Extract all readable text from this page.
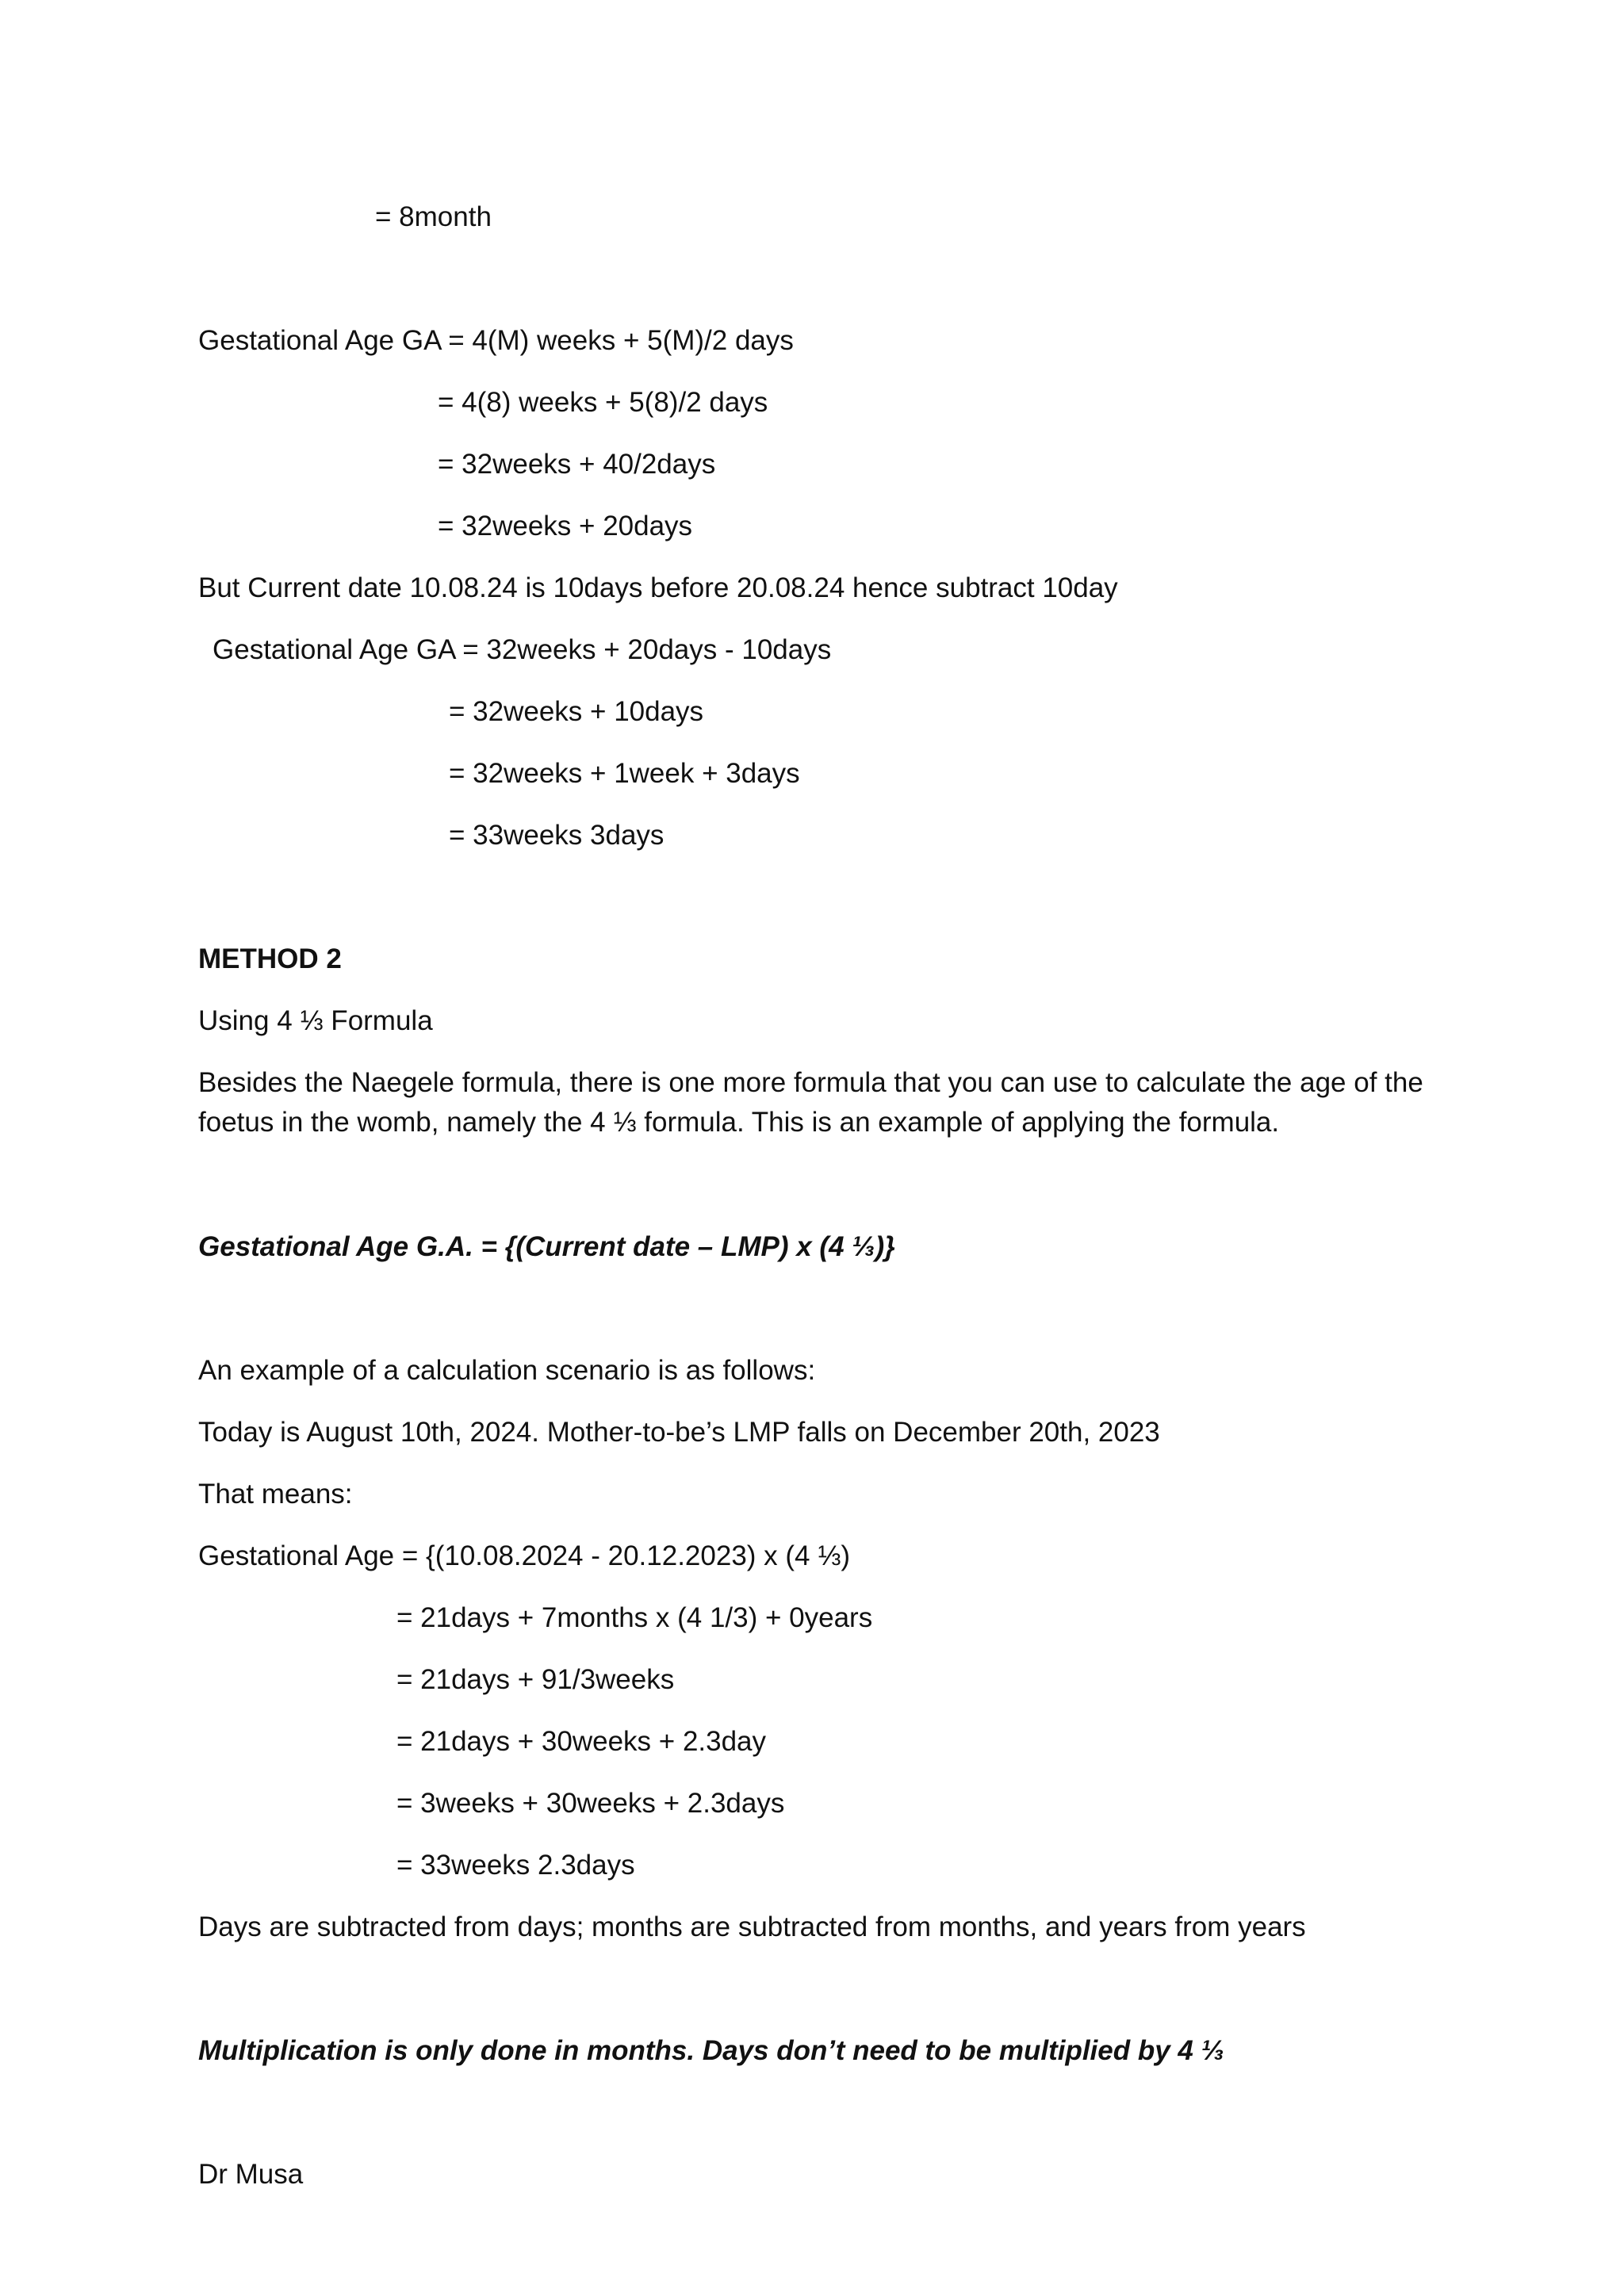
= 8month
Gestational Age GA = 4(M) weeks + 5(M)/2 days
= 4(8) weeks + 5(8)/2 days
= 32weeks + 40/2days
= 32weeks + 20days
But Current date 10.08.24 is 10days before 20.08.24 hence subtract 10day
Gestational Age GA = 32weeks + 20days - 10days
= 32weeks + 10days
= 32weeks + 1week + 3days
= 33weeks 3days
METHOD 2
Using 4 ⅓ Formula
Besides the Naegele formula, there is one more formula that you can use to calculate the age of the foetus in the womb, namely the 4 ⅓ formula. This is an example of applying the formula.
Gestational Age G.A. = {(Current date – LMP) x (4 ⅓)}
An example of a calculation scenario is as follows:
Today is August 10th, 2024. Mother-to-be’s LMP falls on December 20th, 2023
That means:
Gestational Age = {(10.08.2024 - 20.12.2023) x (4 ⅓)
= 21days + 7months x (4 1/3) + 0years
= 21days + 91/3weeks
= 21days + 30weeks + 2.3day
= 3weeks + 30weeks + 2.3days
= 33weeks 2.3days
Days are subtracted from days; months are subtracted from months, and years from years
Multiplication is only done in months. Days don’t need to be multiplied by 4 ⅓
Dr Musa
